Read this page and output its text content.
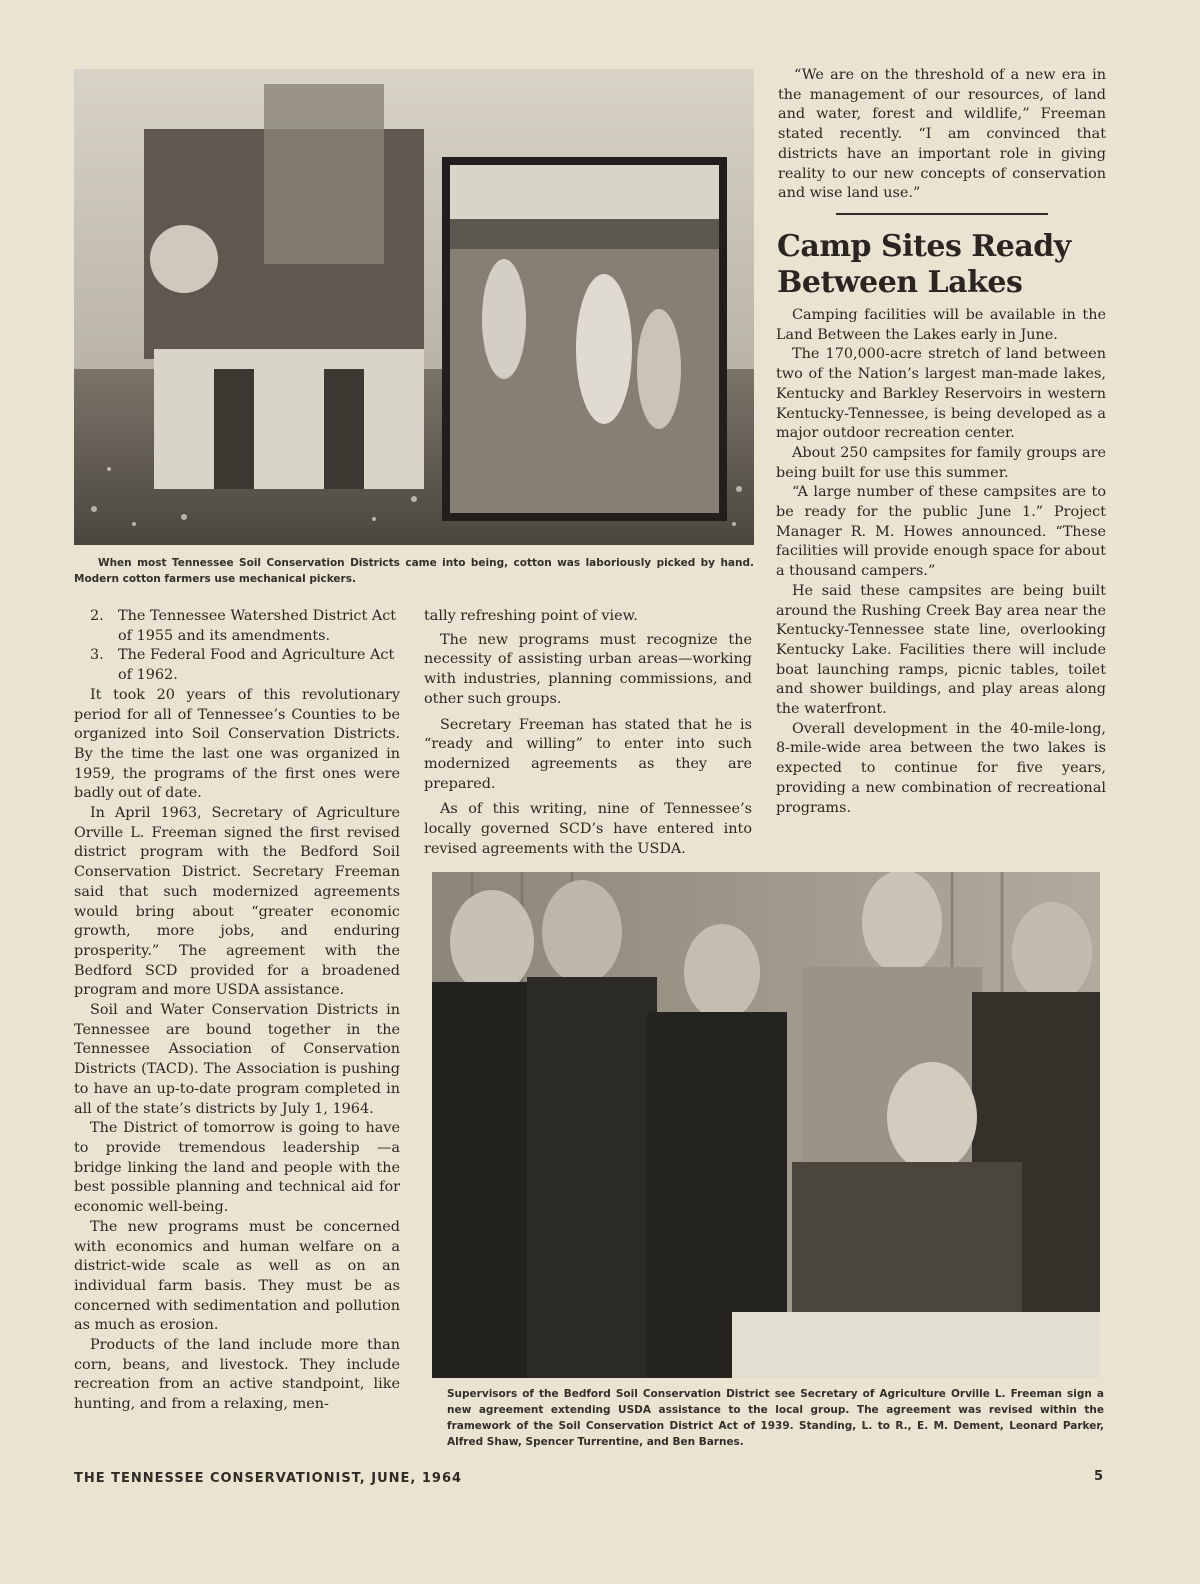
When most Tennessee Soil Conservation Districts came into being, cotton was laboriously picked by hand. Modern cotton farmers use mechanical pickers.

“We are on the threshold of a new era in the management of our resources, of land and water, forest and wildlife,” Freeman stated recently. “I am convinced that districts have an important role in giving reality to our new concepts of conservation and wise land use.”

Camp Sites Ready
Between Lakes

Camping facilities will be available in the Land Between the Lakes early in June.

The 170,000-acre stretch of land between two of the Nation’s largest man-made lakes, Kentucky and Barkley Reservoirs in western Kentucky-Tennessee, is being developed as a major outdoor recreation center.

About 250 campsites for family groups are being built for use this summer.

“A large number of these campsites are to be ready for the public June 1.” Project Manager R. M. Howes announced. “These facilities will provide enough space for about a thousand campers.”

He said these campsites are being built around the Rushing Creek Bay area near the Kentucky-Tennessee state line, overlooking Kentucky Lake. Facilities there will include boat launching ramps, picnic tables, toilet and shower buildings, and play areas along the waterfront.

Overall development in the 40-mile-long, 8-mile-wide area between the two lakes is expected to continue for five years, providing a new combination of recreational programs.

2. The Tennessee Watershed District Act of 1955 and its amendments.
3. The Federal Food and Agriculture Act of 1962.

It took 20 years of this revolutionary period for all of Tennessee’s Counties to be organized into Soil Conservation Districts. By the time the last one was organized in 1959, the programs of the first ones were badly out of date.

In April 1963, Secretary of Agriculture Orville L. Freeman signed the first revised district program with the Bedford Soil Conservation District. Secretary Freeman said that such modernized agreements would bring about “greater economic growth, more jobs, and enduring prosperity.” The agreement with the Bedford SCD provided for a broadened program and more USDA assistance.

Soil and Water Conservation Districts in Tennessee are bound together in the Tennessee Association of Conservation Districts (TACD). The Association is pushing to have an up-to-date program completed in all of the state’s districts by July 1, 1964.

The District of tomorrow is going to have to provide tremendous leadership —a bridge linking the land and people with the best possible planning and technical aid for economic well-being.

The new programs must be concerned with economics and human welfare on a district-wide scale as well as on an individual farm basis. They must be as concerned with sedimentation and pollution as much as erosion.

Products of the land include more than corn, beans, and livestock. They include recreation from an active standpoint, like hunting, and from a relaxing, men-

tally refreshing point of view.

The new programs must recognize the necessity of assisting urban areas—working with industries, planning commissions, and other such groups.

Secretary Freeman has stated that he is “ready and willing” to enter into such modernized agreements as they are prepared.

As of this writing, nine of Tennessee’s locally governed SCD’s have entered into revised agreements with the USDA.

Supervisors of the Bedford Soil Conservation District see Secretary of Agriculture Orville L. Freeman sign a new agreement extending USDA assistance to the local group. The agreement was revised within the framework of the Soil Conservation District Act of 1939. Standing, L. to R., E. M. Dement, Leonard Parker, Alfred Shaw, Spencer Turrentine, and Ben Barnes.
THE TENNESSEE CONSERVATIONIST, JUNE, 1964	5
